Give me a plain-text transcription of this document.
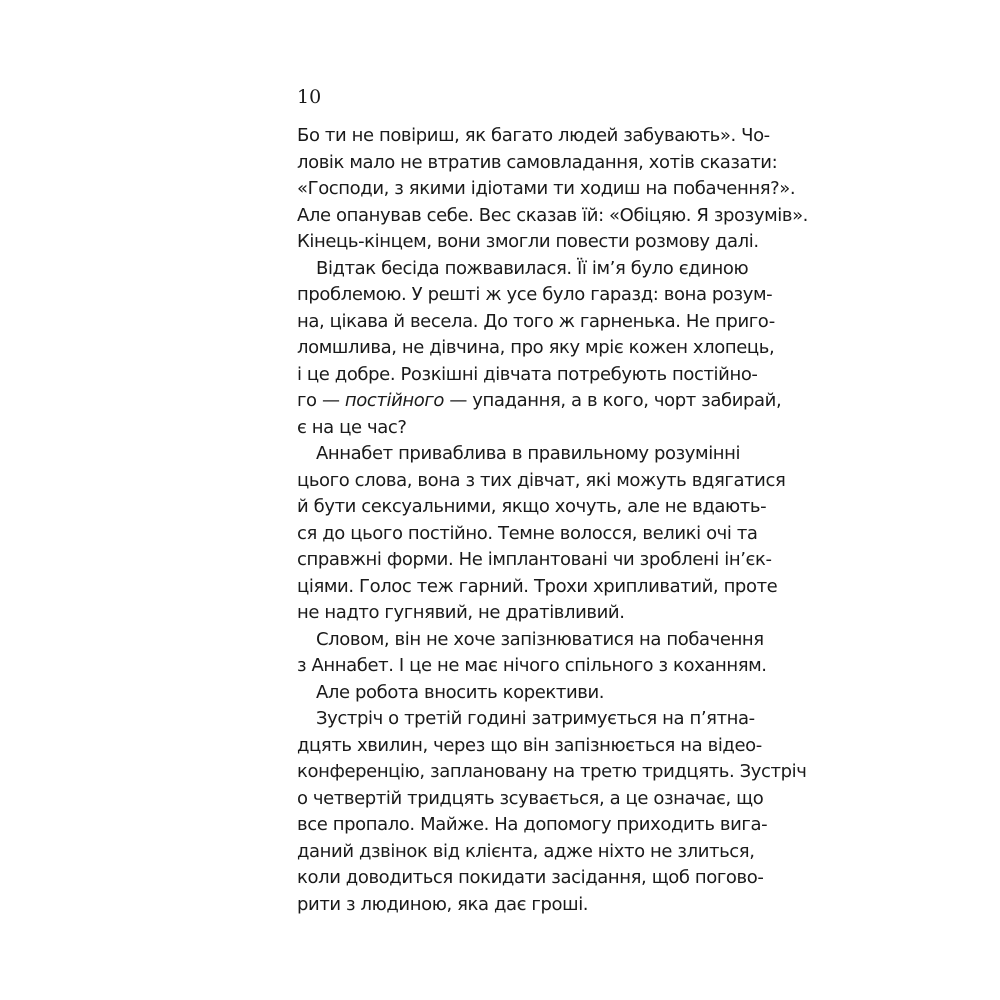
10
Бо ти не повіриш, як багато людей забувають». Чо-
ловік мало не втратив самовладання, хотів сказати:
«Господи, з якими ідіотами ти ходиш на побачення?».
Але опанував себе. Вес сказав їй: «Обіцяю. Я зрозумів».
Кінець-кінцем, вони змогли повести розмову далі.
Відтак бесіда пожвавилася. Її ім’я було єдиною
проблемою. У решті ж усе було гаразд: вона розум-
на, цікава й весела. До того ж гарненька. Не пригo-
ломшлива, не дівчина, про яку мріє кожен хлопець,
і це добре. Розкішні дівчата потребують постійно-
го — постійного — упадання, а в кого, чорт забирай,
є на це час?
Аннабет приваблива в правильному розумінні
цього слова, вона з тих дівчат, які можуть вдягатися
й бути сексуальними, якщо хочуть, але не вдають-
ся до цього постійно. Темне волосся, великі очі та
справжні форми. Не імплантовані чи зроблені ін’єк-
ціями. Голос теж гарний. Трохи хрипливатий, проте
не надто гугнявий, не дратівливий.
Словом, він не хоче запізнюватися на побачення
з Аннабет. І це не має нічого спільного з коханням.
Але робота вносить корективи.
Зустріч о третій годині затримується на п’ятна-
дцять хвилин, через що він запізнюється на відео-
конференцію, заплановану на третю тридцять. Зустріч
о четвертій тридцять зсувається, а це означає, що
все пропало. Майже. На допомогу приходить вига-
даний дзвінок від клієнта, адже ніхто не злиться,
коли доводиться покидати засідання, щоб погово-
рити з людиною, яка дає гроші.
